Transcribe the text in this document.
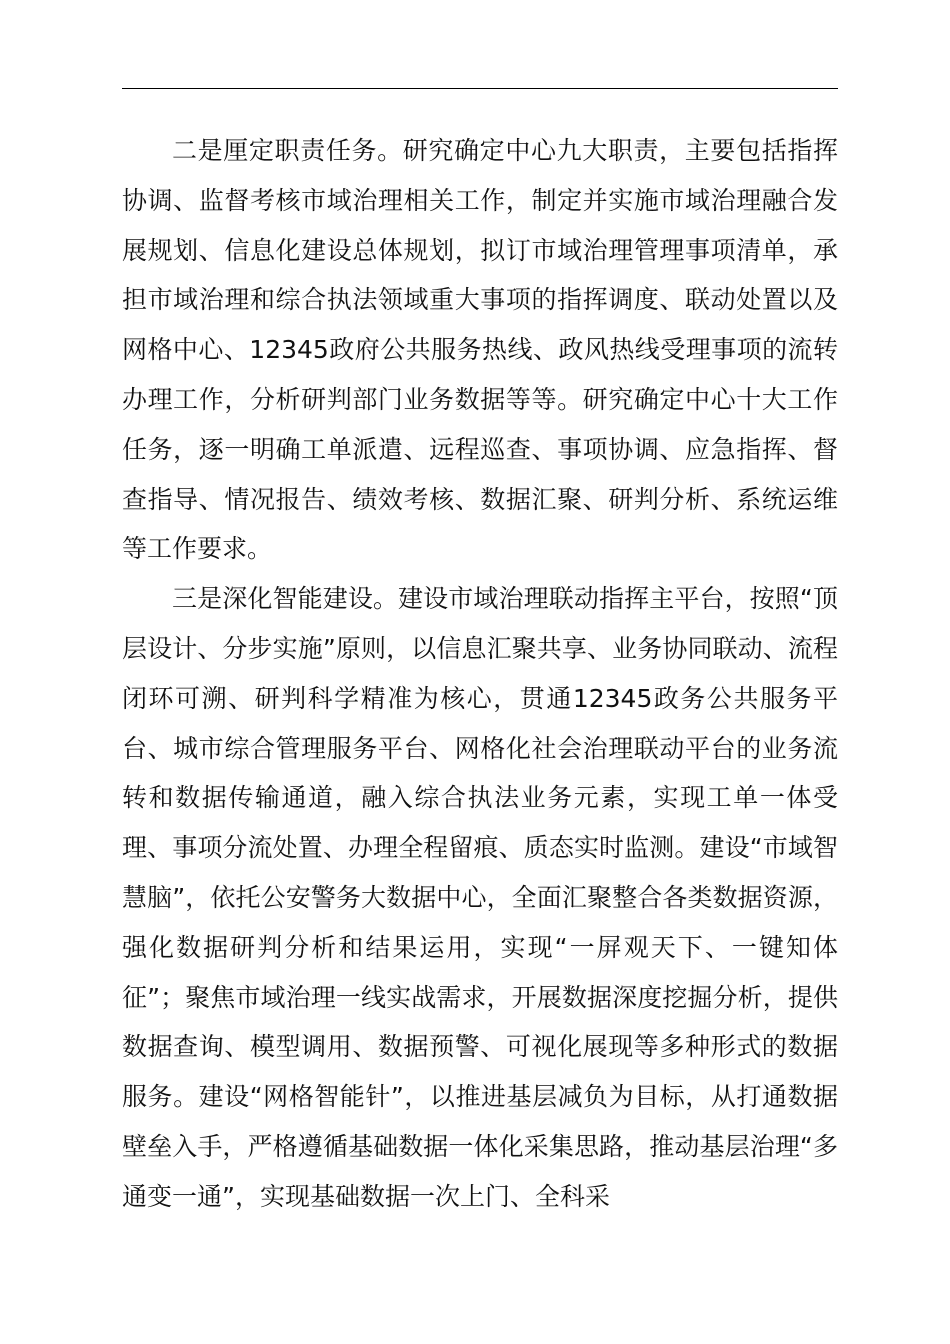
二是厘定职责任务。研究确定中心九大职责，主要包括指挥协调、监督考核市域治理相关工作，制定并实施市域治理融合发展规划、信息化建设总体规划，拟订市域治理管理事项清单，承担市域治理和综合执法领域重大事项的指挥调度、联动处置以及网格中心、12345政府公共服务热线、政风热线受理事项的流转办理工作，分析研判部门业务数据等等。研究确定中心十大工作任务，逐一明确工单派遣、远程巡查、事项协调、应急指挥、督查指导、情况报告、绩效考核、数据汇聚、研判分析、系统运维等工作要求。

三是深化智能建设。建设市域治理联动指挥主平台，按照“顶层设计、分步实施”原则，以信息汇聚共享、业务协同联动、流程闭环可溯、研判科学精准为核心，贯通12345政务公共服务平台、城市综合管理服务平台、网格化社会治理联动平台的业务流转和数据传输通道，融入综合执法业务元素，实现工单一体受理、事项分流处置、办理全程留痕、质态实时监测。建设“市域智慧脑”，依托公安警务大数据中心，全面汇聚整合各类数据资源，强化数据研判分析和结果运用，实现“一屏观天下、一键知体征”；聚焦市域治理一线实战需求，开展数据深度挖掘分析，提供数据查询、模型调用、数据预警、可视化展现等多种形式的数据服务。建设“网格智能针”，以推进基层减负为目标，从打通数据壁垒入手，严格遵循基础数据一体化采集思路，推动基层治理“多通变一通”，实现基础数据一次上门、全科采
